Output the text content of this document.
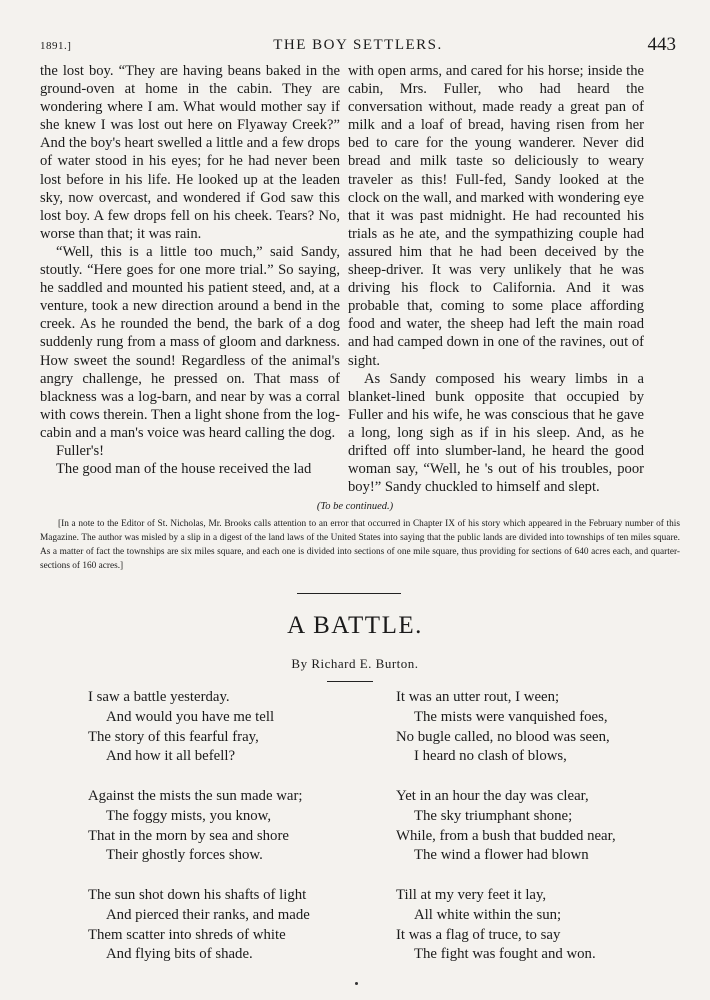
1891.]	THE BOY SETTLERS.	443

the lost boy. “They are having beans baked in the ground-oven at home in the cabin. They are wondering where I am. What would mother say if she knew I was lost out here on Flyaway Creek?” And the boy's heart swelled a little and a few drops of water stood in his eyes; for he had never been lost before in his life. He looked up at the leaden sky, now overcast, and wondered if God saw this lost boy. A few drops fell on his cheek. Tears? No, worse than that; it was rain.

“Well, this is a little too much,” said Sandy, stoutly. “Here goes for one more trial.” So saying, he saddled and mounted his patient steed, and, at a venture, took a new direction around a bend in the creek. As he rounded the bend, the bark of a dog suddenly rung from a mass of gloom and darkness. How sweet the sound! Regardless of the animal's angry challenge, he pressed on. That mass of blackness was a log-barn, and near by was a corral with cows therein. Then a light shone from the log-cabin and a man's voice was heard calling the dog.

Fuller's!

The good man of the house received the lad

with open arms, and cared for his horse; inside the cabin, Mrs. Fuller, who had heard the conversation without, made ready a great pan of milk and a loaf of bread, having risen from her bed to care for the young wanderer. Never did bread and milk taste so deliciously to weary traveler as this! Full-fed, Sandy looked at the clock on the wall, and marked with wondering eye that it was past midnight. He had recounted his trials as he ate, and the sympathizing couple had assured him that he had been deceived by the sheep-driver. It was very unlikely that he was driving his flock to California. And it was probable that, coming to some place affording food and water, the sheep had left the main road and had camped down in one of the ravines, out of sight.

As Sandy composed his weary limbs in a blanket-lined bunk opposite that occupied by Fuller and his wife, he was conscious that he gave a long, long sigh as if in his sleep. And, as he drifted off into slumber-land, he heard the good woman say, “Well, he 's out of his troubles, poor boy!” Sandy chuckled to himself and slept.

(To be continued.)
[In a note to the Editor of St. Nicholas, Mr. Brooks calls attention to an error that occurred in Chapter IX of his story which appeared in the February number of this Magazine. The author was misled by a slip in a digest of the land laws of the United States into saying that the public lands are divided into townships of ten miles square. As a matter of fact the townships are six miles square, and each one is divided into sections of one mile square, thus providing for sections of 640 acres each, and quarter-sections of 160 acres.]
A BATTLE.
By Richard E. Burton.
I saw a battle yesterday.
And would you have me tell
The story of this fearful fray,
And how it all befell?
Against the mists the sun made war;
The foggy mists, you know,
That in the morn by sea and shore
Their ghostly forces show.
The sun shot down his shafts of light
And pierced their ranks, and made
Them scatter into shreds of white
And flying bits of shade.
It was an utter rout, I ween;
The mists were vanquished foes,
No bugle called, no blood was seen,
I heard no clash of blows,
Yet in an hour the day was clear,
The sky triumphant shone;
While, from a bush that budded near,
The wind a flower had blown
Till at my very feet it lay,
All white within the sun;
It was a flag of truce, to say
The fight was fought and won.
